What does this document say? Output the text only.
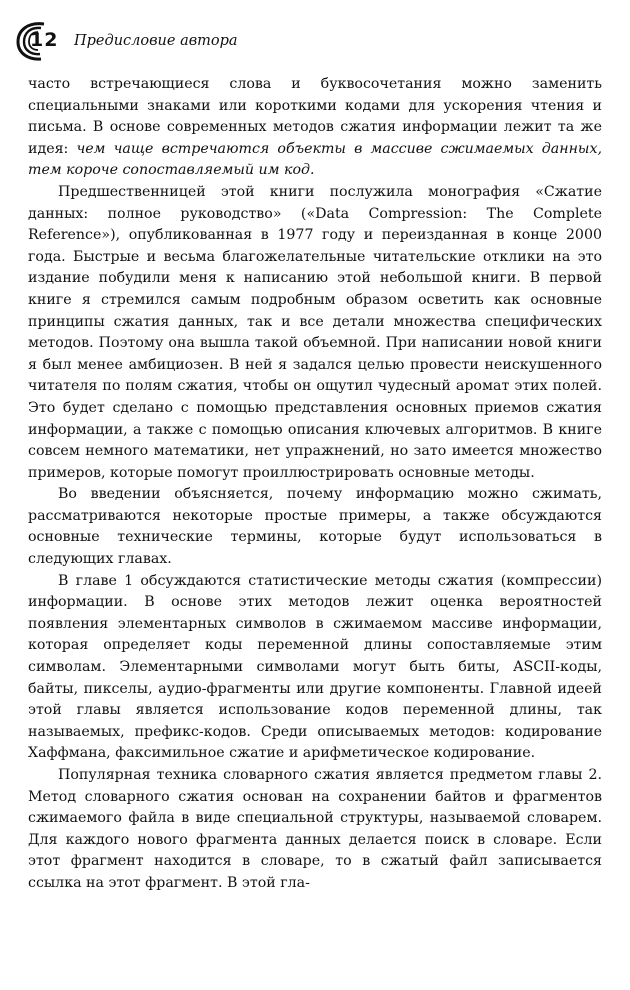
12 Предисловие автора

часто встречающиеся слова и буквосочетания можно заменить специальными знаками или короткими кодами для ускорения чтения и письма. В основе современных методов сжатия информации лежит та же идея: чем чаще встречаются объекты в массиве сжимаемых данных, тем короче сопоставляемый им код.

Предшественницей этой книги послужила монография «Сжатие данных: полное руководство» («Data Compression: The Complete Reference»), опубликованная в 1977 году и переизданная в конце 2000 года. Быстрые и весьма благожелательные читательские отклики на это издание побудили меня к написанию этой небольшой книги. В первой книге я стремился самым подробным образом осветить как основные принципы сжатия данных, так и все детали множества специфических методов. Поэтому она вышла такой объемной. При написании новой книги я был менее амбициозен. В ней я задался целью провести неискушенного читателя по полям сжатия, чтобы он ощутил чудесный аромат этих полей. Это будет сделано с помощью представления основных приемов сжатия информации, а также с помощью описания ключевых алгоритмов. В книге совсем немного математики, нет упражнений, но зато имеется множество примеров, которые помогут проиллюстрировать основные методы.

Во введении объясняется, почему информацию можно сжимать, рассматриваются некоторые простые примеры, а также обсуждаются основные технические термины, которые будут использоваться в следующих главах.

В главе 1 обсуждаются статистические методы сжатия (компрессии) информации. В основе этих методов лежит оценка вероятностей появления элементарных символов в сжимаемом массиве информации, которая определяет коды переменной длины сопоставляемые этим символам. Элементарными символами могут быть биты, ASCII-коды, байты, пикселы, аудио-фрагменты или другие компоненты. Главной идеей этой главы является использование кодов переменной длины, так называемых, префикс-кодов. Среди описываемых методов: кодирование Хаффмана, факсимильное сжатие и арифметическое кодирование.

Популярная техника словарного сжатия является предметом главы 2. Метод словарного сжатия основан на сохранении байтов и фрагментов сжимаемого файла в виде специальной структуры, называемой словарем. Для каждого нового фрагмента данных делается поиск в словаре. Если этот фрагмент находится в словаре, то в сжатый файл записывается ссылка на этот фрагмент. В этой гла-
